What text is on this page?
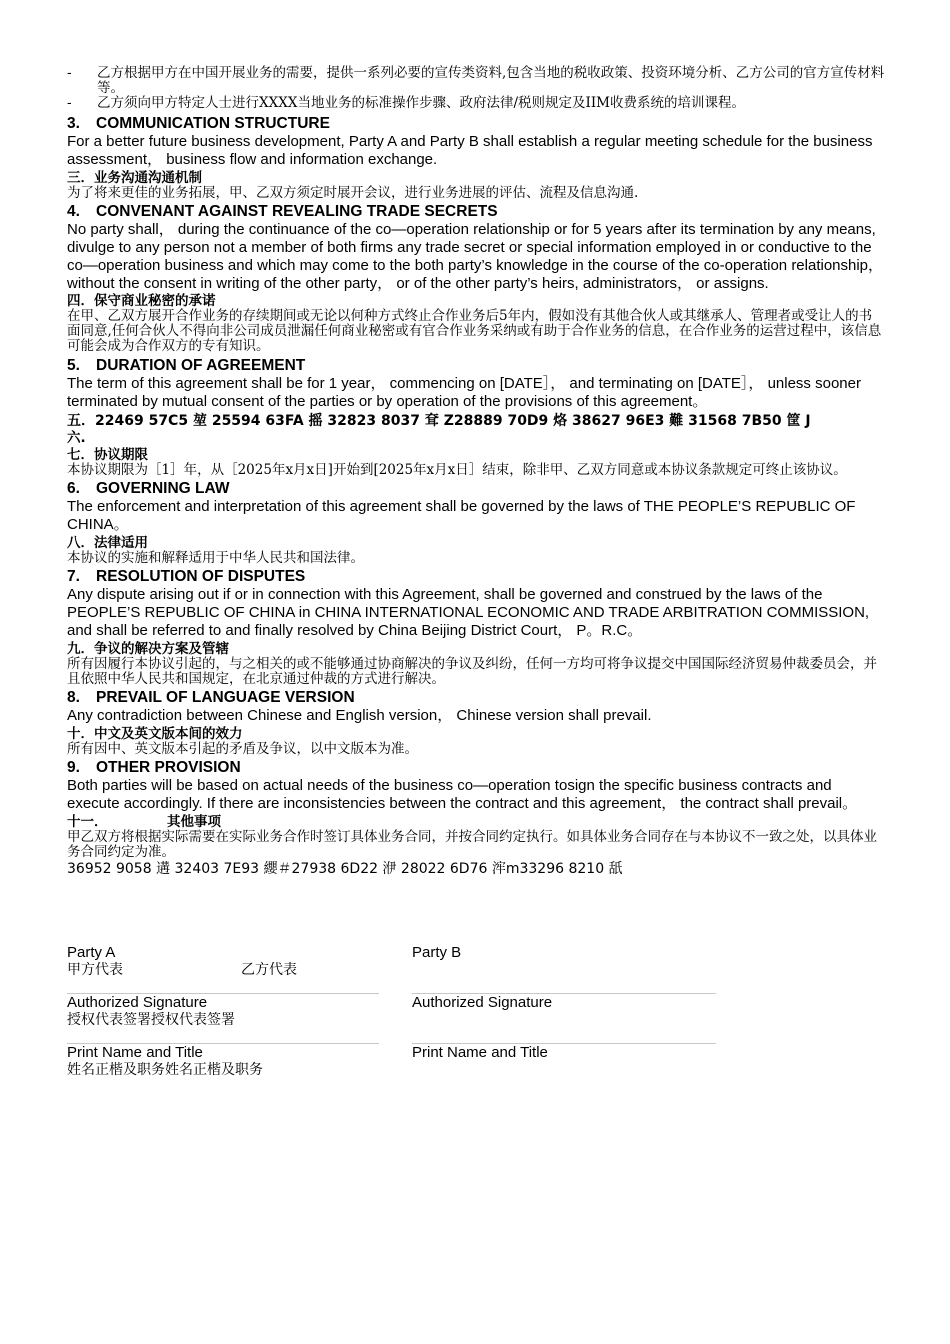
- 乙方根据甲方在中国开展业务的需要，提供一系列必要的宣传类资料,包含当地的税收政策、投资环境分析、乙方公司的官方宣传材料等。
- 乙方须向甲方特定人士进行XXXX当地业务的标准操作步骤、政府法律/税则规定及IIM收费系统的培训课程。
3. COMMUNICATION STRUCTURE
For a better future business development, Party A and Party B shall establish a regular meeting schedule for the business assessment， business flow and information exchange.
三．业务沟通沟通机制
为了将来更佳的业务拓展，甲、乙双方须定时展开会议，进行业务进展的评估、流程及信息沟通.
4. CONVENANT AGAINST REVEALING TRADE SECRETS
No party shall， during the continuance of the co—operation relationship or for 5 years after its termination by any means, divulge to any person not a member of both firms any trade secret or special information employed in or conductive to the co—operation business and which may come to the both party’s knowledge in the course of the co-operation relationship， without the consent in writing of the other party， or of the other party’s heirs, administrators， or assigns.
四．保守商业秘密的承诺
在甲、乙双方展开合作业务的存续期间或无论以何种方式终止合作业务后5年内，假如没有其他合伙人或其继承人、管理者或受让人的书面同意,任何合伙人不得向非公司成员泄漏任何商业秘密或有官合作业务采纳或有助于合作业务的信息，在合作业务的运营过程中，该信息可能会成为合作双方的专有知识。
5. DURATION OF AGREEMENT
The term of this agreement shall be for 1 year， commencing on [DATE］， and terminating on [DATE］， unless sooner terminated by mutual consent of the parties or by operation of the provisions of this agreement。
五．22469 57C5 堃 25594 63FA 摇 32823 8037 耷 Z28889 70D9 烙 38627 96E3 難 31568 7B50 筐 J
六.
七．协议期限
本协议期限为［1］年，从［2025年x月x日]开始到[2025年x月x日］结束，除非甲、乙双方同意或本协议条款规定可终止该协议。
6. GOVERNING LAW
The enforcement and interpretation of this agreement shall be governed by the laws of THE PEOPLE’S REPUBLIC OF CHINA。
八．法律适用
本协议的实施和解释适用于中华人民共和国法律。
7. RESOLUTION OF DISPUTES
Any dispute arising out if or in connection with this Agreement, shall be governed and construed by the laws of the PEOPLE’S REPUBLIC OF CHINA in CHINA INTERNATIONAL ECONOMIC AND TRADE ARBITRATION COMMISSION, and shall be referred to and finally resolved by China Beijing District Court， P。R.C。
九．争议的解决方案及管辖
所有因履行本协议引起的，与之相关的或不能够通过协商解决的争议及纠纷，任何一方均可将争议提交中国国际经济贸易仲裁委员会，并且依照中华人民共和国规定，在北京通过仲裁的方式进行解决。
8. PREVAIL OF LANGUAGE VERSION
Any contradiction between Chinese and English version， Chinese version shall prevail.
十．中文及英文版本间的效力
所有因中、英文版本引起的矛盾及争议，以中文版本为准。
9. OTHER PROVISION
Both parties will be based on actual needs of the business co—operation tosign the specific business contracts and execute accordingly. If there are inconsistencies between the contract and this agreement， the contract shall prevail。
十一．	其他事项
甲乙双方将根据实际需要在实际业务合作时签订具体业务合同，并按合同约定执行。如具体业务合同存在与本协议不一致之处，以具体业务合同约定为准。
36952 9058 遘 32403 7E93 纓＃27938 6D22 洢 28022 6D76 浶m33296 8210 舐
Party A	Party B
甲方代表	乙方代表
Authorized Signature	Authorized Signature
授权代表签署授权代表签署
Print Name and Title	Print Name and Title
姓名正楷及职务姓名正楷及职务
